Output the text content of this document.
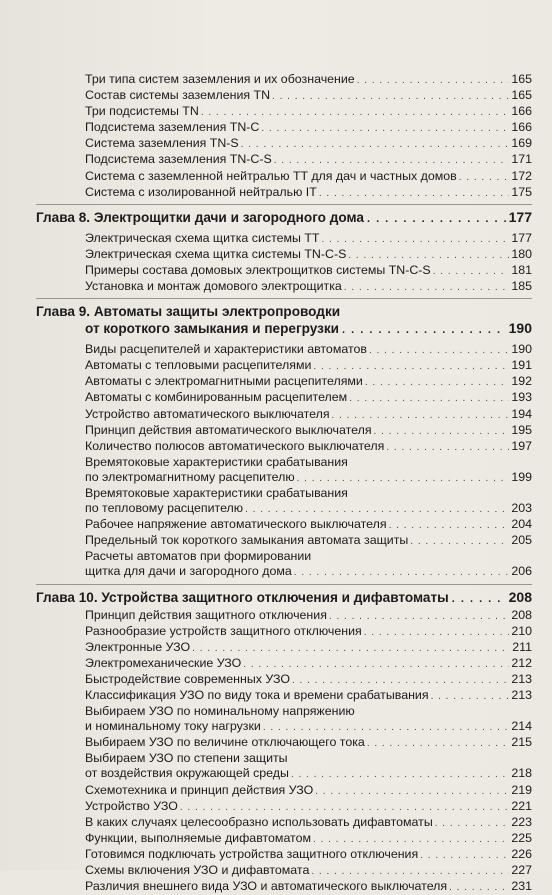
Три типа систем заземления и их обозначение . . .	165
Состав системы заземления TN . . .	165
Три подсистемы TN . . .	166
Подсистема заземления TN-C . . .	166
Система заземления TN-S . . .	169
Подсистема заземления TN-C-S . . .	171
Система с заземленной нейтралью TT для дач и частных домов . . .	172
Система с изолированной нейтралью IT . . .	175
Глава 8. Электрощитки дачи и загородного дома . . .	177
Электрическая схема щитка системы TT . . .	177
Электрическая схема щитка системы TN-C-S . . .	180
Примеры состава домовых электрощитков системы TN-C-S . . .	181
Установка и монтаж домового электрощитка . . .	185
Глава 9. Автоматы защиты электропроводки
от короткого замыкания и перегрузки . . .	190
Виды расцепителей и характеристики автоматов . . .	190
Автоматы с тепловыми расцепителями . . .	191
Автоматы с электромагнитными расцепителями . . .	192
Автоматы с комбинированным расцепителем . . .	193
Устройство автоматического выключателя . . .	194
Принцип действия автоматического выключателя . . .	195
Количество полюсов автоматического выключателя . . .	197
Времятоковые характеристики срабатывания
по электромагнитному расцепителю . . .	199
Времятоковые характеристики срабатывания
по тепловому расцепителю . . .	203
Рабочее напряжение автоматического выключателя . . .	204
Предельный ток короткого замыкания автомата защиты . . .	205
Расчеты автоматов при формировании
щитка для дачи и загородного дома . . .	206
Глава 10. Устройства защитного отключения и дифавтоматы . . .	208
Принцип действия защитного отключения . . .	208
Разнообразие устройств защитного отключения . . .	210
Электронные УЗО . . .	211
Электромеханические УЗО . . .	212
Быстродействие современных УЗО . . .	213
Классификация УЗО по виду тока и времени срабатывания . . .	213
Выбираем УЗО по номинальному напряжению
и номинальному току нагрузки . . .	214
Выбираем УЗО по величине отключающего тока . . .	215
Выбираем УЗО по степени защиты
от воздействия окружающей среды . . .	218
Схемотехника и принцип действия УЗО . . .	219
Устройство УЗО . . .	221
В каких случаях целесообразно использовать дифавтоматы . . .	223
Функции, выполняемые дифавтоматом . . .	225
Готовимся подключать устройства защитного отключения . . .	226
Схемы включения УЗО и дифавтомата . . .	227
Различия внешнего вида УЗО и автоматического выключателя . . .	231
